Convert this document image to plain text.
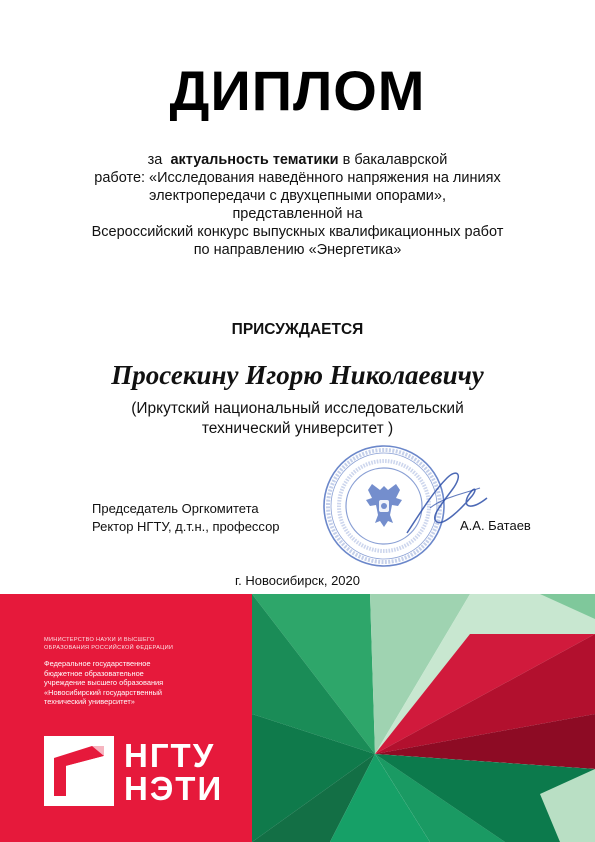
ДИПЛОМ
за актуальность тематики в бакалаврской
работе: «Исследования наведённого напряжения на линиях
электропередачи с двухцепными опорами»,
представленной на
Всероссийский конкурс выпускных квалификационных работ
по направлению «Энергетика»
ПРИСУЖДАЕТСЯ
Просекину Игорю Николаевичу
(Иркутский национальный исследовательский
технический университет )
Председатель Оргкомитета
Ректор НГТУ, д.т.н., профессор	А.А. Батаев
г. Новосибирск, 2020
МИНИСТЕРСТВО НАУКИ И ВЫСШЕГО
ОБРАЗОВАНИЯ РОССИЙСКОЙ ФЕДЕРАЦИИ
Федеральное государственное
бюджетное образовательное
учреждение высшего образования
«Новосибирский государственный
технический университет»
НГТУ
НЭТИ
